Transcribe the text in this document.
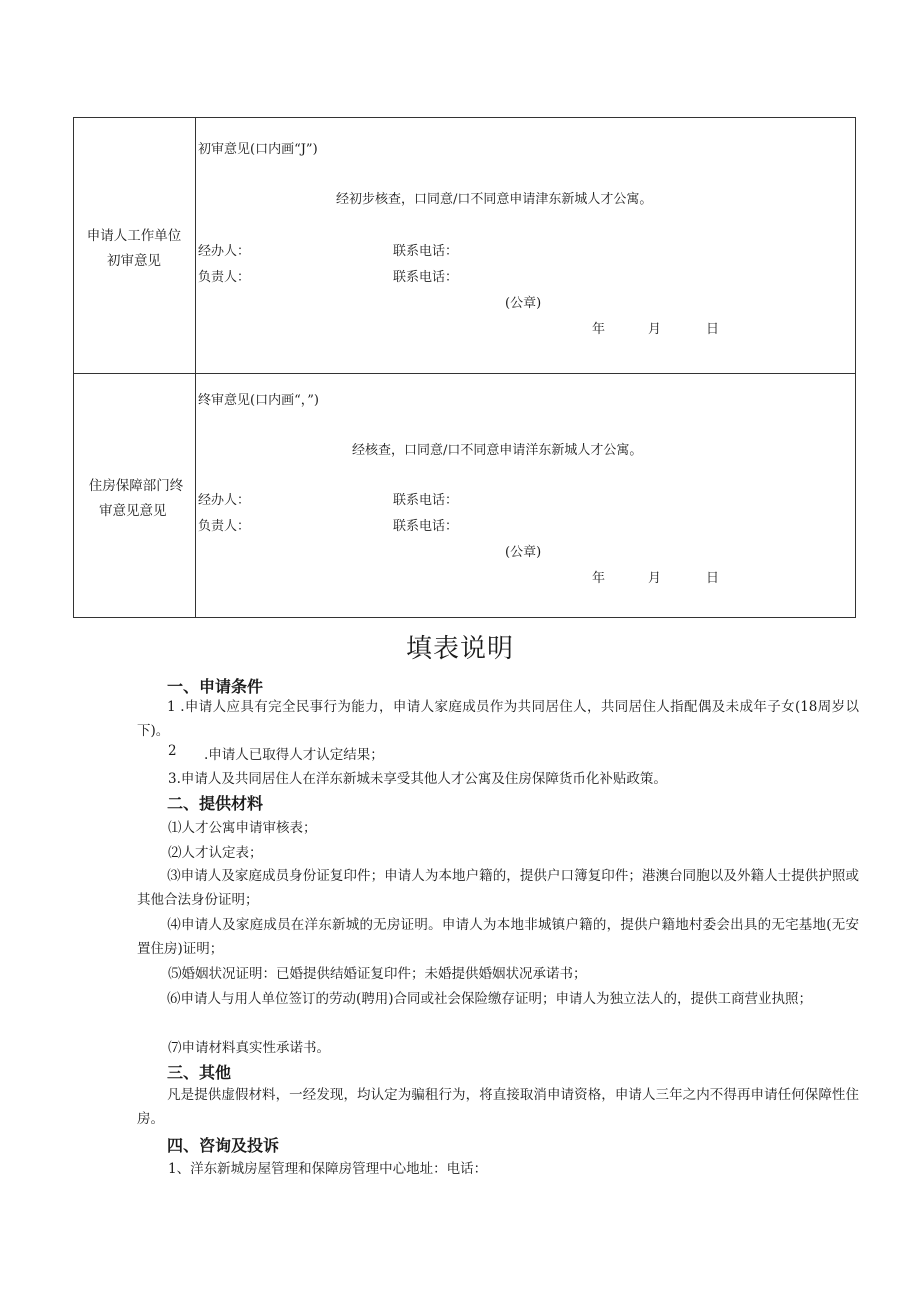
申请人工作单位
初审意见
初审意见(口内画“J”)
经初步核查，口同意/口不同意申请津东新城人才公寓。
经办人：	联系电话：
负责人：	联系电话：
(公章)
年	月	日
住房保障部门终
审意见意见
终审意见(口内画“，”)
经核查，口同意/口不同意申请洋东新城人才公寓。
经办人：	联系电话：
负责人：	联系电话：
(公章)
年	月	日
填表说明
一、申请条件
1 .申请人应具有完全民事行为能力，申请人家庭成员作为共同居住人，共同居住人指配偶及未成年子女(18周岁以下)。
2 .申请人已取得人才认定结果；
3.申请人及共同居住人在洋东新城未享受其他人才公寓及住房保障货币化补贴政策。
二、提供材料
⑴人才公寓申请审核表；
⑵人才认定表；
⑶申请人及家庭成员身份证复印件；申请人为本地户籍的，提供户口簿复印件；港澳台同胞以及外籍人士提供护照或其他合法身份证明；
⑷申请人及家庭成员在洋东新城的无房证明。申请人为本地非城镇户籍的，提供户籍地村委会出具的无宅基地(无安置住房)证明；
⑸婚姻状况证明：已婚提供结婚证复印件；未婚提供婚姻状况承诺书；
⑹申请人与用人单位签订的劳动(聘用)合同或社会保险缴存证明；申请人为独立法人的，提供工商营业执照；
⑺申请材料真实性承诺书。
三、其他
凡是提供虚假材料，一经发现，均认定为骗租行为，将直接取消申请资格，申请人三年之内不得再申请任何保障性住房。
四、咨询及投诉
1、洋东新城房屋管理和保障房管理中心地址：电话：
